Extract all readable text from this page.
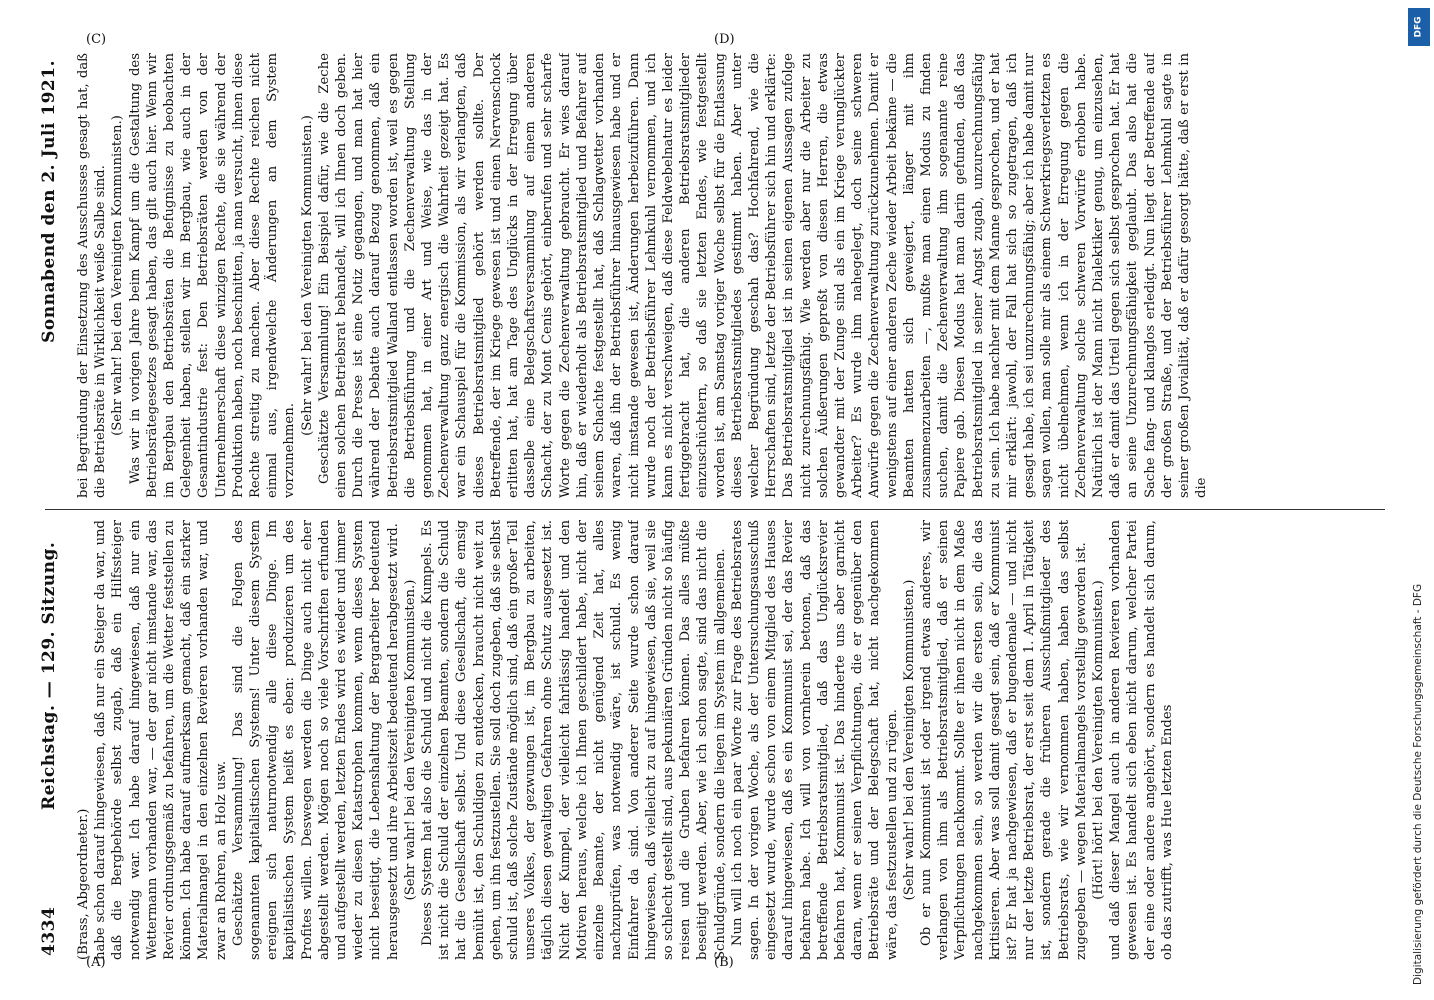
4334
Reichstag. — 129. Sitzung.
Sonnabend den 2. Juli 1921.

(Brass, Abgeordneter.) habe schon darauf hingewiesen, daß nur ein Steiger da war, und daß die Bergbehörde selbst zugab, daß ein Hilfssteiger notwendig war. Ich habe darauf hingewiesen, daß nur ein Wettermann vorhanden war, — der gar nicht imstande war, das Revier ordnungsgemäß zu befahren, um die Wetter feststellen zu können. Ich habe darauf aufmerksam gemacht, daß ein starker Materialmangel in den einzelnen Revieren vorhanden war, und zwar an Rohren, an Holz usw. Geschätzte Versammlung! Das sind die Folgen des sogenannten kapitalistischen Systems! Unter diesem System ereignen sich naturnotwendig alle diese Dinge. Im kapitalistischen System heißt es eben: produzieren um des Profites willen. Deswegen werden die Dinge auch nicht eher abgestellt werden. Mögen noch so viele Vorschriften erfunden und aufgestellt werden, letzten Endes wird es wieder und immer wieder zu diesen Katastrophen kommen, wenn dieses System nicht beseitigt, die Lebenshaltung der Bergarbeiter bedeutend herausgesetzt und ihre Arbeitszeit bedeutend herabgesetzt wird. (Sehr wahr! bei den Vereinigten Kommunisten.) Dieses System hat also die Schuld und nicht die Kumpels. Es ist nicht die Schuld der einzelnen Beamten, sondern die Schuld hat die Gesellschaft selbst. Und diese Gesellschaft, die emsig bemüht ist, den Schuldigen zu entdecken, braucht nicht weit zu gehen, um ihn festzustellen. Sie soll doch zugeben, daß sie selbst schuld ist, daß solche Zustände möglich sind, daß ein großer Teil unseres Volkes, der gezwungen ist, im Bergbau zu arbeiten, täglich diesen gewaltigen Gefahren ohne Schutz ausgesetzt ist. Nicht der Kumpel, der vielleicht fahrlässig handelt und den Motiven heraus, welche ich Ihnen geschildert habe, nicht der einzelne Beamte, der nicht genügend Zeit hat, alles nachzuprüfen, was notwendig wäre, ist schuld. Es wenig Einfahrer da sind. Von anderer Seite wurde schon darauf hingewiesen, daß vielleicht zu auf hingewiesen, daß sie, weil sie so schlecht gestellt sind, aus pekuniären Gründen nicht so häufig reisen und die Gruben befahren können. Das alles müßte beseitigt werden. Aber, wie ich schon sagte, sind das nicht die Schuldgründe, sondern die liegen im System im allgemeinen. Nun will ich noch ein paar Worte zur Frage des Betriebsrates sagen. In der vorigen Woche, als der Untersuchungsausschuß eingesetzt wurde, wurde schon von einem Mitglied des Hauses darauf hingewiesen, daß es ein Kommunist sei, der das Revier befahren habe. Ich will von vornherein betonen, daß das betreffende Betriebsratsmitglied, daß das Unglücksrevier befahren hat, Kommunist ist. Das hinderte uns aber garnicht daran, wenn er seinen Verpflichtungen, die er gegenüber den Betriebsräte und der Belegschaft hat, nicht nachgekommen wäre, das festzustellen und zu rügen. (Sehr wahr! bei den Vereinigten Kommunisten.) Ob er nun Kommunist ist oder irgend etwas anderes, wir verlangen von ihm als Betriebsratsmitglied, daß er seinen Verpflichtungen nachkommt. Sollte er ihnen nicht in dem Maße nachgekommen sein, so werden wir die ersten sein, die das kritisieren. Aber was soll damit gesagt sein, daß er Kommunist ist? Er hat ja nachgewiesen, daß er bugendemale — und nicht nur der letzte Betriebsrat, der erst seit dem 1. April in Tätigkeit ist, sondern gerade die früheren Ausschußmitglieder des Betriebsrats, wie wir vernommen haben, haben das selbst zugegeben — wegen Materialmangels vorstellig geworden ist. (Hört! hört! bei den Vereinigten Kommunisten.) und daß dieser Mangel auch in anderen Revieren vorhanden gewesen ist. Es handelt sich eben nicht darum, welcher Partei der eine oder andere angehört, sondern es handelt sich darum, ob das zutrifft, was Hue letzten Endes

bei Begründung der Einsetzung des Ausschusses gesagt hat, daß die Betriebsräte in Wirklichkeit weiße Salbe sind. (Sehr wahr! bei den Vereinigten Kommunisten.) Was wir in vorigen Jahre beim Kampf um die Gestaltung des Betriebsrätegesetzes gesagt haben, das gilt auch hier. Wenn wir im Bergbau den Betriebsräten die Befugnisse zu beobachten Gelegenheit haben, stellen wir im Bergbau, wie auch in der Gesamtindustrie fest: Den Betriebsräten werden von der Unternehmerschaft diese winzigen Rechte, die sie während der Produktion haben, noch beschnitten, ja man versucht, ihnen diese Rechte streitig zu machen. Aber diese Rechte reichen nicht einmal aus, irgendwelche Änderungen an dem System vorzunehmen.

(Sehr wahr! bei den Vereinigten Kommunisten.) Geschätzte Versammlung! Ein Beispiel dafür, wie die Zeche einen solchen Betriebsrat behandelt, will ich Ihnen doch geben. Durch die Presse ist eine Notiz gegangen, und man hat hier während der Debatte auch darauf Bezug genommen, daß ein Betriebsratsmitglied Walland entlassen worden ist, weil es gegen die Betriebsführung und die Zechenverwaltung Stellung genommen hat, in einer Art und Weise, wie das in der Zechenverwaltung ganz energisch die Wahrheit gezeigt hat. Es war ein Schauspiel für die Kommission, als wir verlangten, daß dieses Betriebsratsmitglied gehört werden sollte. Der Betreffende, der im Kriege gewesen ist und einen Nervenschock erlitten hat, hat am Tage des Unglücks in der Erregung über dasselbe eine Belegschaftsversammlung auf einem anderen Schacht, der zu Mont Cenis gehört, einberufen und sehr scharfe Worte gegen die Zechenverwaltung gebraucht. Er wies darauf hin, daß er wiederholt als Betriebsratsmitglied und Befahrer auf seinem Schachte festgestellt hat, daß Schlagwetter vorhanden waren, daß ihn der Betriebsführer hinausgewiesen habe und er nicht imstande gewesen ist, Änderungen herbeizuführen. Dann wurde noch der Betriebsführer Lehmkuhl vernommen, und ich kann es nicht verschweigen, daß diese Feldwebelnatur es leider fertiggebracht hat, die anderen Betriebsratsmitglieder einzuschüchtern, so daß sie letzten Endes, wie festgestellt worden ist, am Samstag voriger Woche selbst für die Entlassung dieses Betriebsratsmitgliedes gestimmt haben. Aber unter welcher Begründung geschah das? Hochfahrend, wie die Herrschaften sind, letzte der Betriebsführer sich hin und erklärte: Das Betriebsratsmitglied ist in seinen eigenen Aussagen zufolge nicht zurechnungsfähig. Wie werden aber nur die Arbeiter zu solchen Äußerungen gepreßt von diesen Herren, die etwas gewandter mit der Zunge sind als ein im Kriege verunglückter Arbeiter? Es wurde ihm nahegelegt, doch seine schweren Anwürfe gegen die Zechenverwaltung zurückzunehmen. Damit er wenigstens auf einer anderen Zeche wieder Arbeit bekäme — die Beamten hatten sich geweigert, länger mit ihm zusammenzuarbeiten —, mußte man einen Modus zu finden suchen, damit die Zechenverwaltung ihm sogenannte reine Papiere gab. Diesen Modus hat man darin gefunden, daß das Betriebsratsmitglied in seiner Angst zugab, unzurechnungsfähig zu sein. Ich habe nachher mit dem Manne gesprochen, und er hat mir erklärt: jawohl, der Fall hat sich so zugetragen, daß ich gesagt habe, ich sei unzurechnungsfähig; aber ich habe damit nur sagen wollen, man solle mir als einem Schwerkriegsverletzten es nicht übelnehmen, wenn ich in der Erregung gegen die Zechenverwaltung solche schweren Vorwürfe erhoben habe. Natürlich ist der Mann nicht Dialektiker genug, um einzusehen, daß er damit das Urteil gegen sich selbst gesprochen hat. Er hat an seine Unzurechnungsfähigkeit geglaubt. Das also hat die Sache fang- und klanglos erledigt. Nun liegt der Betreffende auf der großen Straße, und der Betriebsführer Lehmkuhl sagte in seiner großen Jovialität, daß er dafür gesorgt hätte, daß er erst in die

(A)	(B)
(C)	(D)
DFG
Digitalisierung gefördert durch die Deutsche Forschungsgemeinschaft - DFG
